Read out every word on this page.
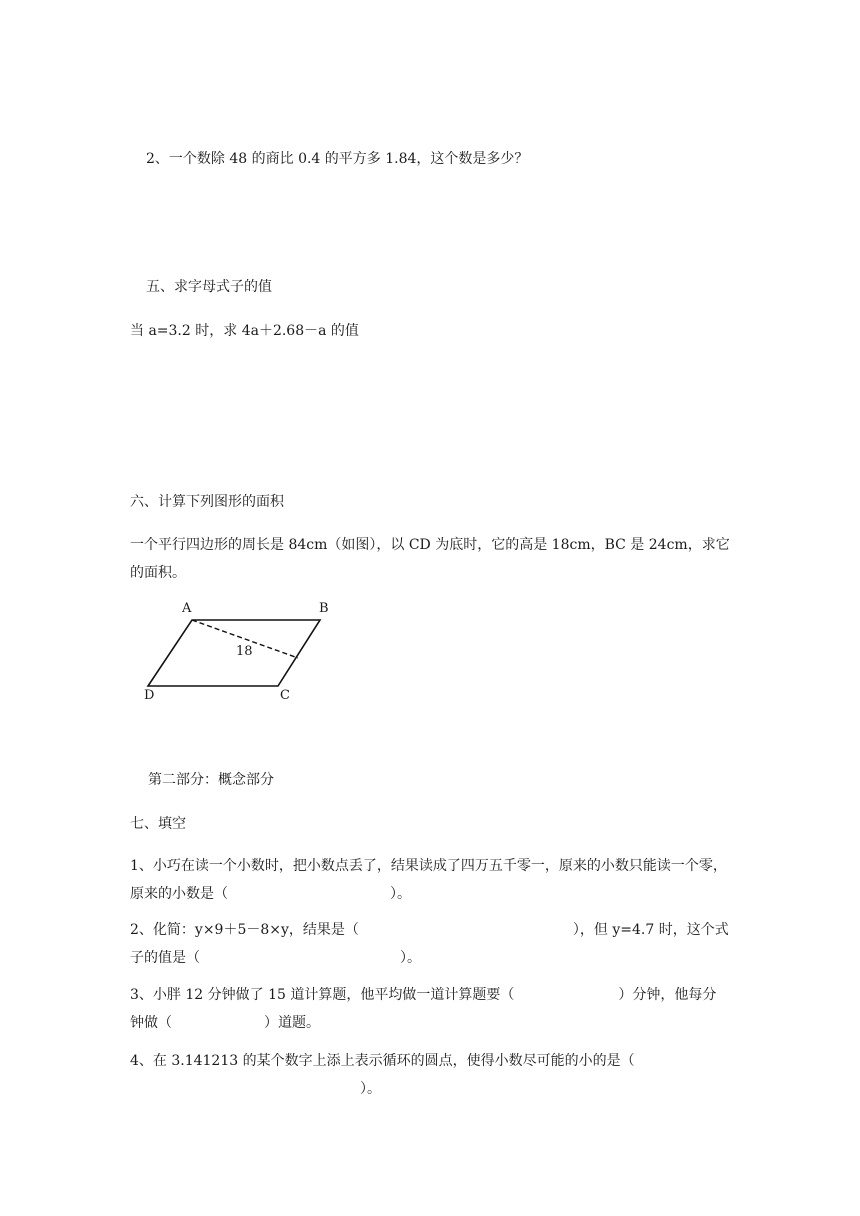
2、一个数除 48 的商比 0.4 的平方多 1.84，这个数是多少？
五、求字母式子的值
当 a=3.2 时，求 4a＋2.68－a 的值
六、计算下列图形的面积
一个平行四边形的周长是 84cm（如图），以 CD 为底时，它的高是 18cm，BC 是 24cm，求它的面积。
A	B
C
D
18
第二部分：概念部分
七、填空
1、小巧在读一个小数时，把小数点丢了，结果读成了四万五千零一，原来的小数只能读一个零，原来的小数是（	）。
2、化简：y×9＋5－8×y，结果是（	），但 y=4.7 时，这个式子的值是（	）。
3、小胖 12 分钟做了 15 道计算题，他平均做一道计算题要（	）分钟，他每分钟做（	）道题。
4、在 3.141213 的某个数字上添上表示循环的圆点，使得小数尽可能的小的是（）。
